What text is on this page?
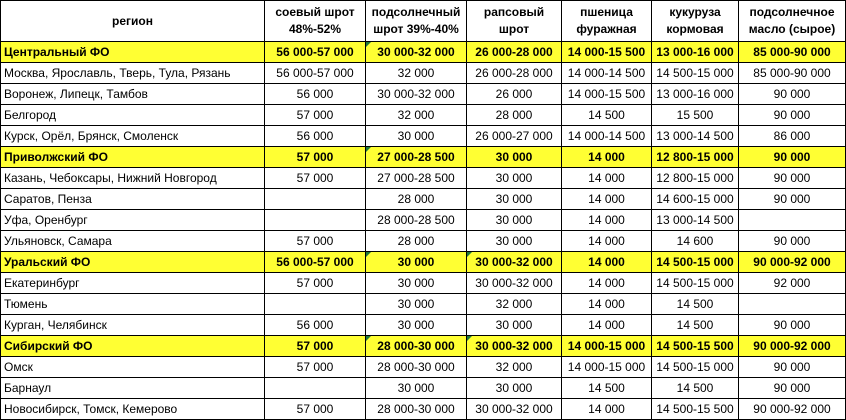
регион	соевый шрот 48%-52%	подсолнечный шрот 39%-40%	рапсовый шрот	пшеница фуражная	кукуруза кормовая	подсолнечное масло (сырое)
Центральный ФО	56 000-57 000	30 000-32 000	26 000-28 000	14 000-15 500	13 000-16 000	85 000-90 000
Москва, Ярославль, Тверь, Тула, Рязань	56 000-57 000	32 000	26 000-28 000	14 000-14 500	14 500-15 000	85 000-90 000
Воронеж, Липецк, Тамбов	56 000	30 000-32 000	26 000	14 000-15 500	13 000-16 000	90 000
Белгород	57 000	32 000	28 000	14 500	15 500	90 000
Курск, Орёл, Брянск, Смоленск	56 000	30 000	26 000-27 000	14 000-14 500	13 000-14 500	86 000
Приволжский ФО	57 000	27 000-28 500	30 000	14 000	12 800-15 000	90 000
Казань, Чебоксары, Нижний Новгород	57 000	27 000-28 500	30 000	14 000	12 800-15 000	90 000
Саратов, Пенза		28 000	30 000	14 000	14 600-15 000	90 000
Уфа, Оренбург		28 000-28 500	30 000	14 000	13 000-14 500	
Ульяновск, Самара	57 000	28 000	30 000	14 000	14 600	90 000
Уральский ФО	56 000-57 000	30 000	30 000-32 000	14 000	14 500-15 000	90 000-92 000
Екатеринбург	57 000	30 000	30 000-32 000	14 000	14 500-15 000	92 000
Тюмень		30 000	32 000	14 000	14 500	
Курган, Челябинск	56 000	30 000	30 000	14 000	14 500	90 000
Сибирский ФО	57 000	28 000-30 000	30 000-32 000	14 000-15 000	14 500-15 500	90 000-92 000
Омск	57 000	28 000-30 000	32 000	14 000-15 000	14 500-15 000	90 000
Барнаул		30 000	30 000	14 500	14 500	90 000
Новосибирск, Томск, Кемерово	57 000	28 000-30 000	30 000-32 000	14 000	14 500-15 500	90 000-92 000
